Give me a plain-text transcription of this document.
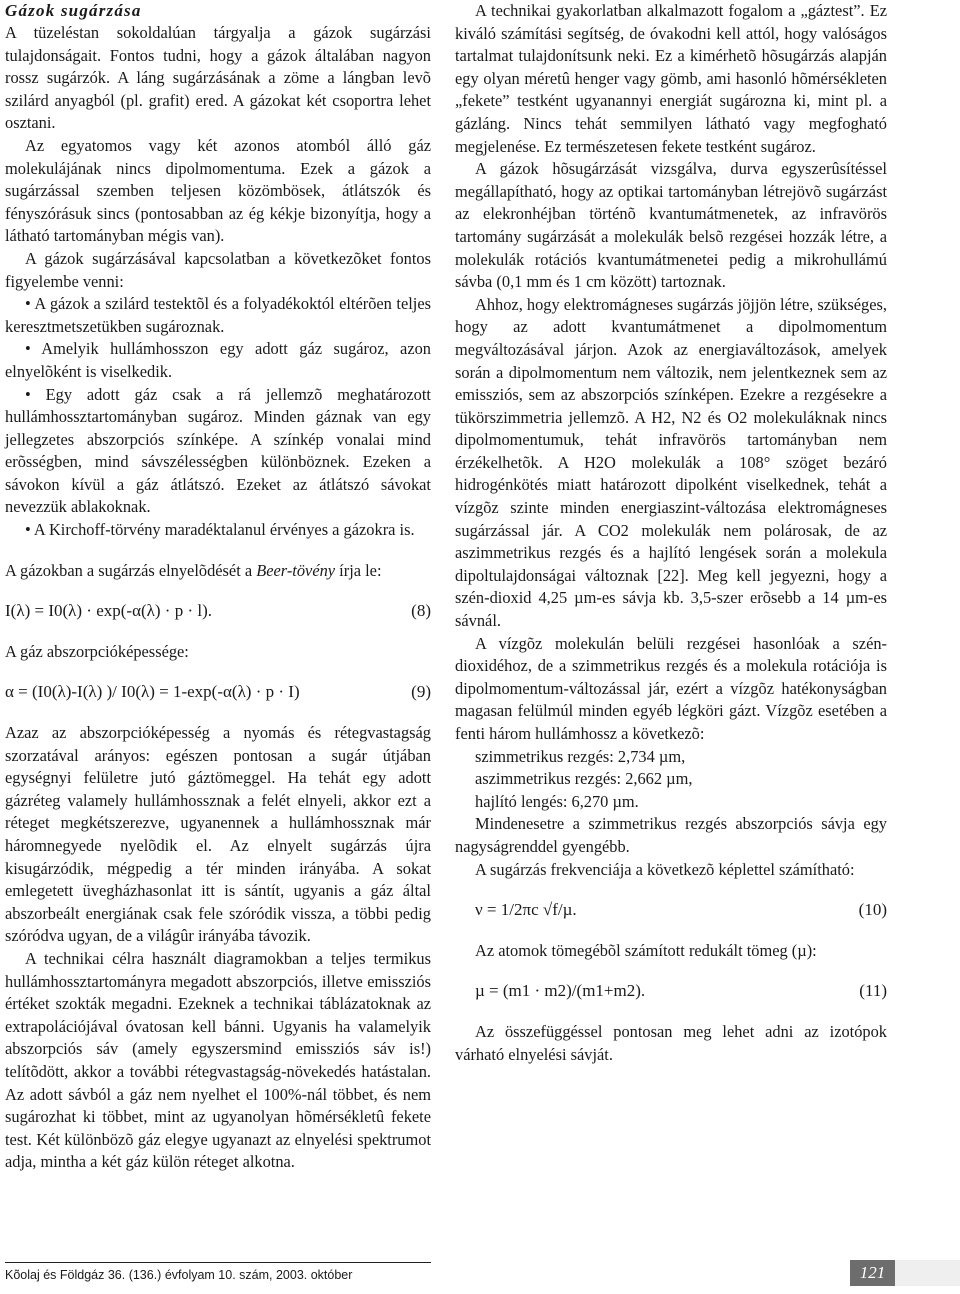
Gázok sugárzása

A tüzeléstan sokoldalúan tárgyalja a gázok sugárzási tulajdonságait. Fontos tudni, hogy a gázok általában nagyon rossz sugárzók. A láng sugárzásának a zöme a lángban levõ szilárd anyagból (pl. grafit) ered. A gázokat két csoportra lehet osztani.

Az egyatomos vagy két azonos atomból álló gáz molekulájának nincs dipolmomentuma. Ezek a gázok a sugárzással szemben teljesen közömbösek, átlátszók és fényszórásuk sincs (pontosabban az ég kékje bizonyítja, hogy a látható tartományban mégis van).

A gázok sugárzásával kapcsolatban a következõket fontos figyelembe venni:

• A gázok a szilárd testektõl és a folyadékoktól eltérõen teljes keresztmetszetükben sugároznak.

• Amelyik hullámhosszon egy adott gáz sugároz, azon elnyelõként is viselkedik.

• Egy adott gáz csak a rá jellemzõ meghatározott hullámhossztartományban sugároz. Minden gáznak van egy jellegzetes abszorpciós színképe. A színkép vonalai mind erõsségben, mind sávszélességben különböznek. Ezeken a sávokon kívül a gáz átlátszó. Ezeket az átlátszó sávokat nevezzük ablakoknak.

• A Kirchoff-törvény maradéktalanul érvényes a gázokra is.

A gázokban a sugárzás elnyelõdését a Beer-tövény írja le:

I(λ) = I0(λ) · exp(-α(λ) · p · l).	(8)

A gáz abszorpcióképessége:

α = (I0(λ)-I(λ) )/ I0(λ) = 1-exp(-α(λ) · p · I)	(9)

Azaz az abszorpcióképesség a nyomás és rétegvastagság szorzatával arányos: egészen pontosan a sugár útjában egységnyi felületre jutó gáztömeggel. Ha tehát egy adott gázréteg valamely hullámhossznak a felét elnyeli, akkor ezt a réteget megkétszerezve, ugyanennek a hullámhossznak már háromnegyede nyelõdik el. Az elnyelt sugárzás újra kisugárzódik, mégpedig a tér minden irányába. A sokat emlegetett üvegházhasonlat itt is sántít, ugyanis a gáz által abszorbeált energiának csak fele szóródik vissza, a többi pedig szóródva ugyan, de a világûr irányába távozik.

A technikai célra használt diagramokban a teljes termikus hullámhossztartományra megadott abszorpciós, illetve emissziós értéket szokták megadni. Ezeknek a technikai táblázatoknak az extrapolációjával óvatosan kell bánni. Ugyanis ha valamelyik abszorpciós sáv (amely egyszersmind emissziós sáv is!) telítõdött, akkor a további rétegvastagság-növekedés hatástalan. Az adott sávból a gáz nem nyelhet el 100%-nál többet, és nem sugározhat ki többet, mint az ugyanolyan hõmérsékletû fekete test. Két különbözõ gáz elegye ugyanazt az elnyelési spektrumot adja, mintha a két gáz külön réteget alkotna.

A technikai gyakorlatban alkalmazott fogalom a „gáztest”. Ez kiváló számítási segítség, de óvakodni kell attól, hogy valóságos tartalmat tulajdonítsunk neki. Ez a kimérhetõ hõsugárzás alapján egy olyan méretû henger vagy gömb, ami hasonló hõmérsékleten „fekete” testként ugyanannyi energiát sugározna ki, mint pl. a gázláng. Nincs tehát semmilyen látható vagy megfogható megjelenése. Ez természetesen fekete testként sugároz.

A gázok hõsugárzását vizsgálva, durva egyszerûsítéssel megállapítható, hogy az optikai tartományban létrejövõ sugárzást az elekronhéjban történõ kvantumátmenetek, az infravörös tartomány sugárzását a molekulák belsõ rezgései hozzák létre, a molekulák rotációs kvantumátmenetei pedig a mikrohullámú sávba (0,1 mm és 1 cm között) tartoznak.

Ahhoz, hogy elektromágneses sugárzás jöjjön létre, szükséges, hogy az adott kvantumátmenet a dipolmomentum megváltozásával járjon. Azok az energiaváltozások, amelyek során a dipolmomentum nem változik, nem jelentkeznek sem az emissziós, sem az abszorpciós színképen. Ezekre a rezgésekre a tükörszimmetria jellemzõ. A H2, N2 és O2 molekuláknak nincs dipolmomentumuk, tehát infravörös tartományban nem érzékelhetõk. A H2O molekulák a 108° szöget bezáró hidrogénkötés miatt határozott dipolként viselkednek, tehát a vízgõz szinte minden energiaszint-változása elektromágneses sugárzással jár. A CO2 molekulák nem polárosak, de az aszimmetrikus rezgés és a hajlító lengések során a molekula dipoltulajdonságai változnak [22]. Meg kell jegyezni, hogy a szén-dioxid 4,25 µm-es sávja kb. 3,5-szer erõsebb a 14 µm-es sávnál.

A vízgõz molekulán belüli rezgései hasonlóak a szén-dioxidéhoz, de a szimmetrikus rezgés és a molekula rotációja is dipolmomentum-változással jár, ezért a vízgõz hatékonyságban magasan felülmúl minden egyéb légköri gázt. Vízgõz esetében a fenti három hullámhossz a következõ:

szimmetrikus rezgés: 2,734 µm,

aszimmetrikus rezgés: 2,662 µm,

hajlító lengés: 6,270 µm.

Mindenesetre a szimmetrikus rezgés abszorpciós sávja egy nagyságrenddel gyengébb.

A sugárzás frekvenciája a következõ képlettel számítható:

ν = 1/2πc √f/µ.	(10)

Az atomok tömegébõl számított redukált tömeg (µ):

µ = (m1 · m2)/(m1+m2).	(11)

Az összefüggéssel pontosan meg lehet adni az izotópok várható elnyelési sávját.

Kõolaj és Földgáz 36. (136.) évfolyam 10. szám, 2003. október	121
